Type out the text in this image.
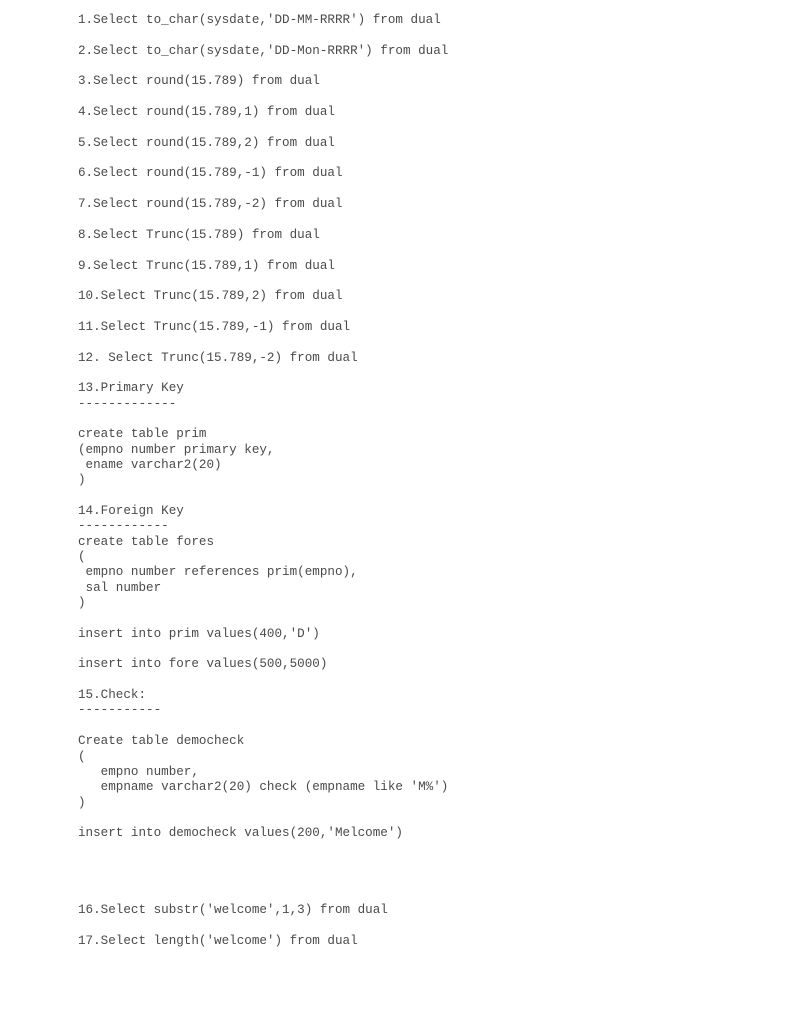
1.Select to_char(sysdate,'DD-MM-RRRR') from dual
2.Select to_char(sysdate,'DD-Mon-RRRR') from dual
3.Select round(15.789) from dual
4.Select round(15.789,1) from dual
5.Select round(15.789,2) from dual
6.Select round(15.789,-1) from dual
7.Select round(15.789,-2) from dual
8.Select Trunc(15.789) from dual
9.Select Trunc(15.789,1) from dual
10.Select Trunc(15.789,2) from dual
11.Select Trunc(15.789,-1) from dual
12. Select Trunc(15.789,-2) from dual
13.Primary Key
-------------
create table prim
(empno number primary key,
ename varchar2(20)
)
14.Foreign Key
------------
create table fores
(
empno number references prim(empno),
sal number
)
insert into prim values(400,'D')
insert into fore values(500,5000)
15.Check:
-----------
Create table democheck
(
empno number,
empname varchar2(20) check (empname like 'M%')
)
insert into democheck values(200,'Melcome')
16.Select substr('welcome',1,3) from dual
17.Select length('welcome') from dual
